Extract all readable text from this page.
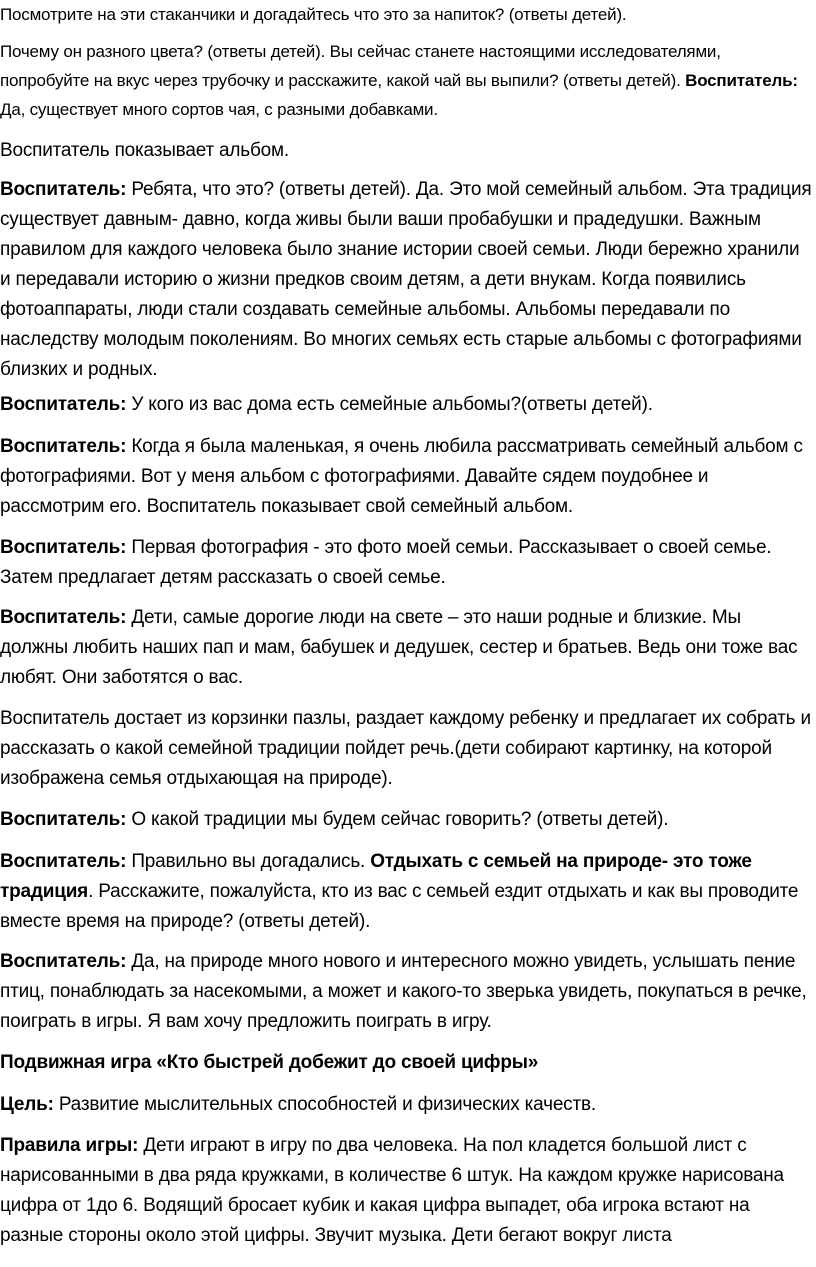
Посмотрите на эти стаканчики и догадайтесь что это за напиток? (ответы детей).

Почему он разного цвета? (ответы детей). Вы сейчас станете настоящими исследователями, попробуйте на вкус через трубочку и расскажите, какой чай вы выпили? (ответы детей). Воспитатель: Да, существует много сортов чая, с разными добавками.

Воспитатель показывает альбом.

Воспитатель: Ребята, что это? (ответы детей). Да. Это мой семейный альбом. Эта традиция существует давным- давно, когда живы были ваши пробабушки и прадедушки. Важным правилом для каждого человека было знание истории своей семьи. Люди бережно хранили и передавали историю о жизни предков своим детям, а дети внукам. Когда появились фотоаппараты, люди стали создавать семейные альбомы. Альбомы передавали по наследству молодым поколениям. Во многих семьях есть старые альбомы с фотографиями близких и родных.

Воспитатель: У кого из вас дома есть семейные альбомы?(ответы детей).

Воспитатель: Когда я была маленькая, я очень любила рассматривать семейный альбом с фотографиями. Вот у меня альбом с фотографиями. Давайте сядем поудобнее и рассмотрим его. Воспитатель показывает свой семейный альбом.

Воспитатель: Первая фотография - это фото моей семьи. Рассказывает о своей семье. Затем предлагает детям рассказать о своей семье.

Воспитатель: Дети, самые дорогие люди на свете – это наши родные и близкие. Мы должны любить наших пап и мам, бабушек и дедушек, сестер и братьев. Ведь они тоже вас любят. Они заботятся о вас.

Воспитатель достает из корзинки пазлы, раздает каждому ребенку и предлагает их собрать и рассказать о какой семейной традиции пойдет речь.(дети собирают картинку, на которой изображена семья отдыхающая на природе).

Воспитатель: О какой традиции мы будем сейчас говорить? (ответы детей).

Воспитатель: Правильно вы догадались. Отдыхать с семьей на природе- это тоже традиция. Расскажите, пожалуйста, кто из вас с семьей ездит отдыхать и как вы проводите вместе время на природе? (ответы детей).

Воспитатель: Да, на природе много нового и интересного можно увидеть, услышать пение птиц, понаблюдать за насекомыми, а может и какого-то зверька увидеть, покупаться в речке, поиграть в игры. Я вам хочу предложить поиграть в игру.

Подвижная игра «Кто быстрей добежит до своей цифры»

Цель: Развитие мыслительных способностей и физических качеств.

Правила игры: Дети играют в игру по два человека. На пол кладется большой лист с нарисованными в два ряда кружками, в количестве 6 штук. На каждом кружке нарисована цифра от 1до 6. Водящий бросает кубик и какая цифра выпадет, оба игрока встают на разные стороны около этой цифры. Звучит музыка. Дети бегают вокруг листа
